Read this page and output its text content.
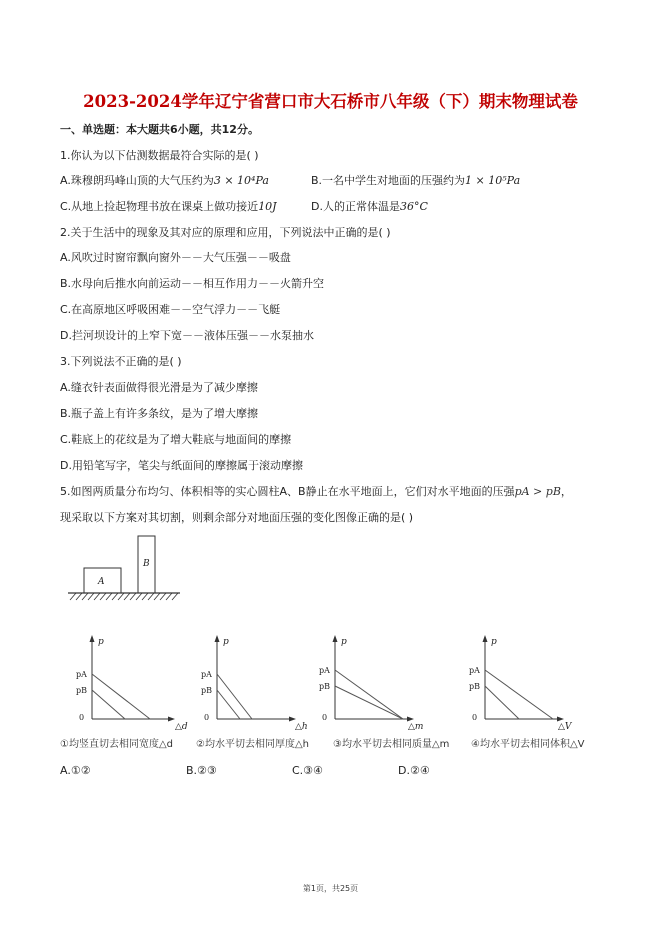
2023-2024学年辽宁省营口市大石桥市八年级（下）期末物理试卷
一、单选题：本大题共6小题，共12分。
1.你认为以下估测数据最符合实际的是( )
A.珠穆朗玛峰山顶的大气压约为3 × 10⁴Pa	B.一名中学生对地面的压强约为1 × 10⁵Pa
C.从地上捡起物理书放在课桌上做功接近10J	D.人的正常体温是36°C
2.关于生活中的现象及其对应的原理和应用，下列说法中正确的是( )
A.风吹过时窗帘飘向窗外－－大气压强－－吸盘
B.水母向后推水向前运动－－相互作用力－－火箭升空
C.在高原地区呼吸困难－－空气浮力－－飞艇
D.拦河坝设计的上窄下宽－－液体压强－－水泵抽水
3.下列说法不正确的是( )
A.缝衣针表面做得很光滑是为了减少摩擦
B.瓶子盖上有许多条纹，是为了增大摩擦
C.鞋底上的花纹是为了增大鞋底与地面间的摩擦
D.用铅笔写字，笔尖与纸面间的摩擦属于滚动摩擦
5.如图两质量分布均匀、体积相等的实心圆柱A、B静止在水平地面上，它们对水平地面的压强pA > pB，
现采取以下方案对其切割，则剩余部分对地面压强的变化图像正确的是( )
A
B
p
pA
pB
0
△d
p
pA
pB
0
△h
p
pA
pB
0
△m
p
pA
pB
0
△V
①均竖直切去相同宽度△d ②均水平切去相同厚度△h ③均水平切去相同质量△m ④均水平切去相同体积△V
A.①②	B.②③	C.③④	D.②④
第1页，共25页
